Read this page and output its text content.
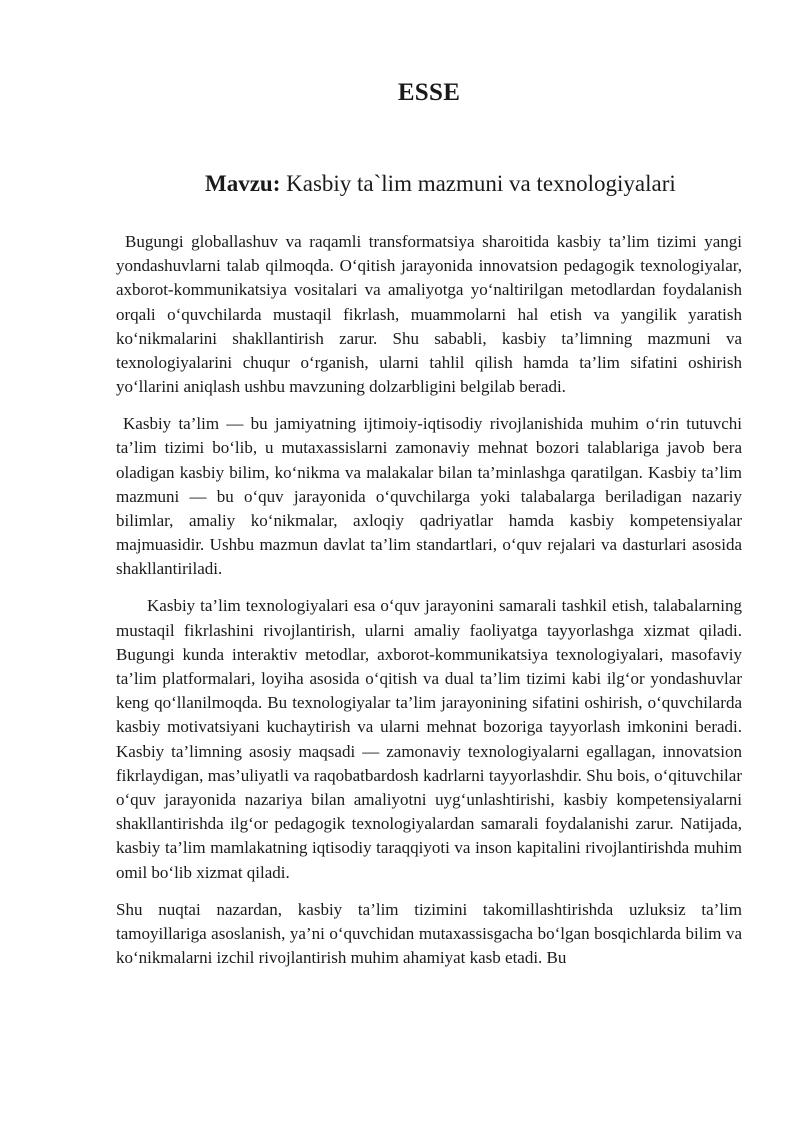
ESSE
Mavzu: Kasbiy ta`lim mazmuni va texnologiyalari

Bugungi globallashuv va raqamli transformatsiya sharoitida kasbiy ta’lim tizimi yangi yondashuvlarni talab qilmoqda. O‘qitish jarayonida innovatsion pedagogik texnologiyalar, axborot-kommunikatsiya vositalari va amaliyotga yo‘naltirilgan metodlardan foydalanish orqali o‘quvchilarda mustaqil fikrlash, muammolarni hal etish va yangilik yaratish ko‘nikmalarini shakllantirish zarur. Shu sababli, kasbiy ta’limning mazmuni va texnologiyalarini chuqur o‘rganish, ularni tahlil qilish hamda ta’lim sifatini oshirish yo‘llarini aniqlash ushbu mavzuning dolzarbligini belgilab beradi.

Kasbiy ta’lim — bu jamiyatning ijtimoiy-iqtisodiy rivojlanishida muhim o‘rin tutuvchi ta’lim tizimi bo‘lib, u mutaxassislarni zamonaviy mehnat bozori talablariga javob bera oladigan kasbiy bilim, ko‘nikma va malakalar bilan ta’minlashga qaratilgan. Kasbiy ta’lim mazmuni — bu o‘quv jarayonida o‘quvchilarga yoki talabalarga beriladigan nazariy bilimlar, amaliy ko‘nikmalar, axloqiy qadriyatlar hamda kasbiy kompetensiyalar majmuasidir. Ushbu mazmun davlat ta’lim standartlari, o‘quv rejalari va dasturlari asosida shakllantiriladi.

Kasbiy ta’lim texnologiyalari esa o‘quv jarayonini samarali tashkil etish, talabalarning mustaqil fikrlashini rivojlantirish, ularni amaliy faoliyatga tayyorlashga xizmat qiladi. Bugungi kunda interaktiv metodlar, axborot-kommunikatsiya texnologiyalari, masofaviy ta’lim platformalari, loyiha asosida o‘qitish va dual ta’lim tizimi kabi ilg‘or yondashuvlar keng qo‘llanilmoqda. Bu texnologiyalar ta’lim jarayonining sifatini oshirish, o‘quvchilarda kasbiy motivatsiyani kuchaytirish va ularni mehnat bozoriga tayyorlash imkonini beradi. Kasbiy ta’limning asosiy maqsadi — zamonaviy texnologiyalarni egallagan, innovatsion fikrlaydigan, mas’uliyatli va raqobatbardosh kadrlarni tayyorlashdir. Shu bois, o‘qituvchilar o‘quv jarayonida nazariya bilan amaliyotni uyg‘unlashtirishi, kasbiy kompetensiyalarni shakllantirishda ilg‘or pedagogik texnologiyalardan samarali foydalanishi zarur. Natijada, kasbiy ta’lim mamlakatning iqtisodiy taraqqiyoti va inson kapitalini rivojlantirishda muhim omil bo‘lib xizmat qiladi.

Shu nuqtai nazardan, kasbiy ta’lim tizimini takomillashtirishda uzluksiz ta’lim tamoyillariga asoslanish, ya’ni o‘quvchidan mutaxassisgacha bo‘lgan bosqichlarda bilim va ko‘nikmalarni izchil rivojlantirish muhim ahamiyat kasb etadi. Bu
